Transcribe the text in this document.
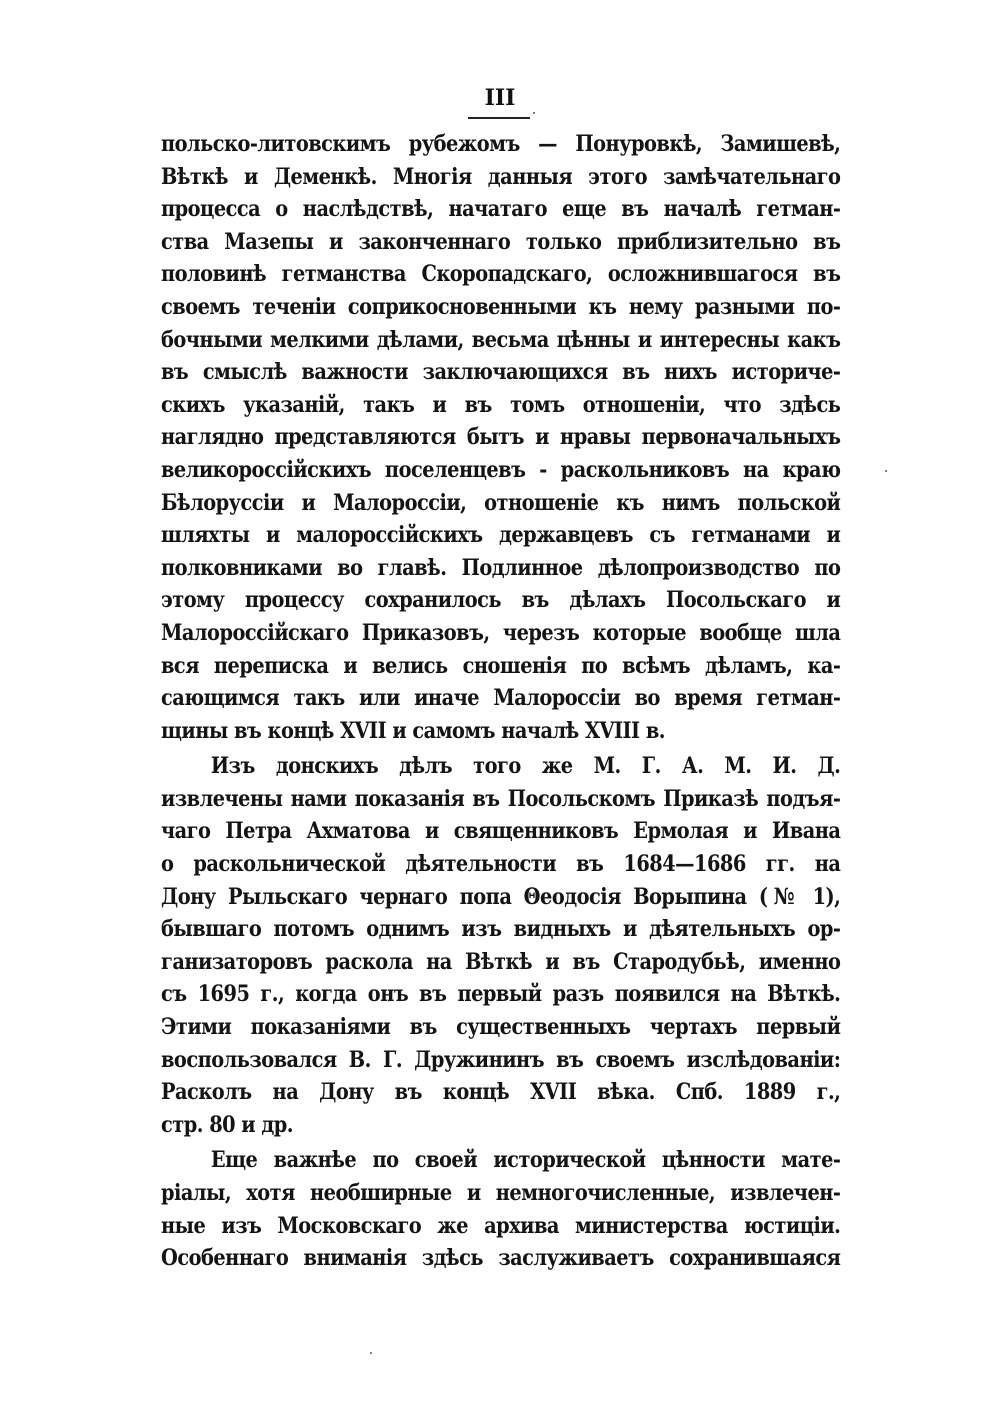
III
польско-литовскимъ рубежомъ — Понуровкѣ, Замишевѣ,
Вѣткѣ и Деменкѣ. Многія данныя этого замѣчательнаго
процесса о наслѣдствѣ, начатаго еще въ началѣ гетман-
ства Мазепы и законченнаго только приблизительно въ
половинѣ гетманства Скоропадскаго, осложнившагося въ
своемъ теченіи соприкосновенными къ нему разными по-
бочными мелкими дѣлами, весьма цѣнны и интересны какъ
въ смыслѣ важности заключающихся въ нихъ историче-
скихъ указаній, такъ и въ томъ отношеніи, что здѣсь
наглядно представляются бытъ и нравы первоначальныхъ
великороссійскихъ поселенцевъ - раскольниковъ на краю
Бѣлоруссіи и Малороссіи, отношеніе къ нимъ польской
шляхты и малороссійскихъ державцевъ съ гетманами и
полковниками во главѣ. Подлинное дѣлопроизводство по
этому процессу сохранилось въ дѣлахъ Посольскаго и
Малороссійскаго Приказовъ, черезъ которые вообще шла
вся переписка и велись сношенія по всѣмъ дѣламъ, ка-
сающимся такъ или иначе Малороссіи во время гетман-
щины въ концѣ XVII и самомъ началѣ XVIII в.
Изъ донскихъ дѣлъ того же М. Г. А. М. И. Д.
извлечены нами показанія въ Посольскомъ Приказѣ подъя-
чаго Петра Ахматова и священниковъ Ермолая и Ивана
о раскольнической дѣятельности въ 1684—1686 гг. на
Дону Рыльскаго чернаго попа Θеодосія Ворыпина (№ 1),
бывшаго потомъ однимъ изъ видныхъ и дѣятельныхъ ор-
ганизаторовъ раскола на Вѣткѣ и въ Стародубьѣ, именно
съ 1695 г., когда онъ въ первый разъ появился на Вѣткѣ.
Этими показаніями въ существенныхъ чертахъ первый
воспользовался В. Г. Дружининъ въ своемъ изслѣдованіи:
Расколъ на Дону въ концѣ XVII вѣка. Спб. 1889 г.,
стр. 80 и др.
Еще важнѣе по своей исторической цѣнности мате-
ріалы, хотя необширные и немногочисленные, извлечен-
ные изъ Московскаго же архива министерства юстиціи.
Особеннаго вниманія здѣсь заслуживаетъ сохранившаяся
